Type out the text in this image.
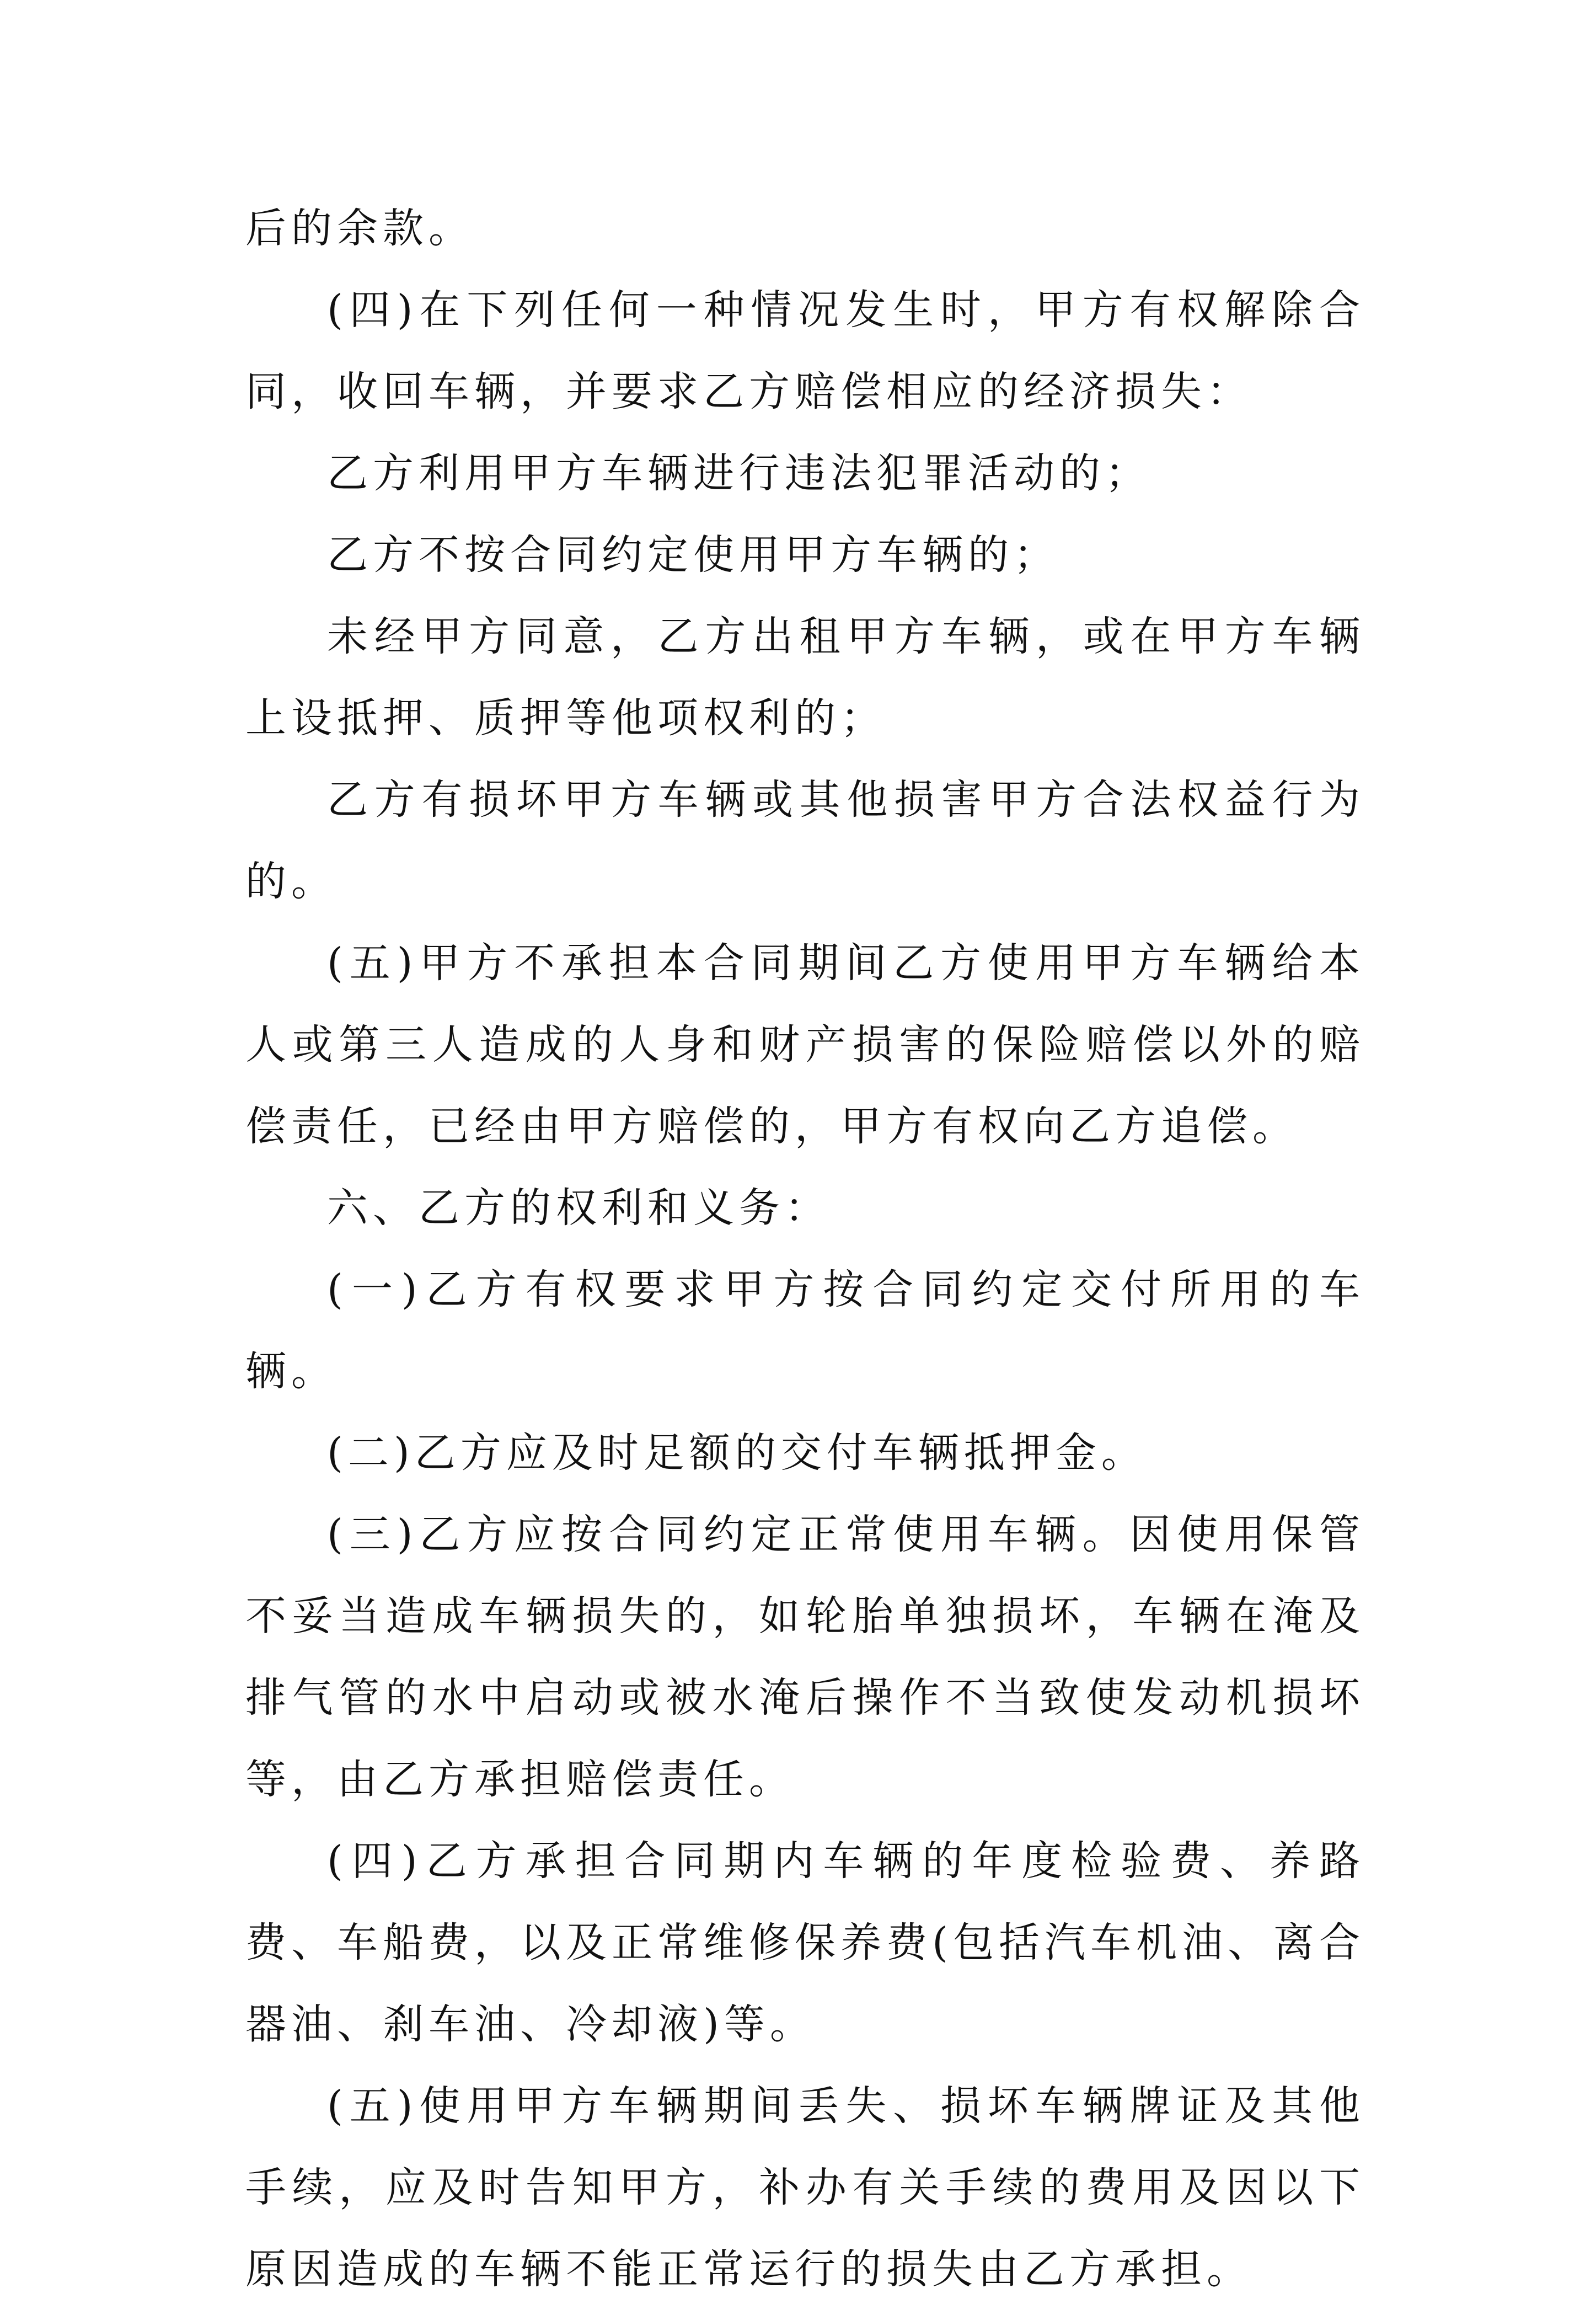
后的余款。

(四)在下列任何一种情况发生时，甲方有权解除合同，收回车辆，并要求乙方赔偿相应的经济损失：

乙方利用甲方车辆进行违法犯罪活动的；

乙方不按合同约定使用甲方车辆的；

未经甲方同意，乙方出租甲方车辆，或在甲方车辆上设抵押、质押等他项权利的；

乙方有损坏甲方车辆或其他损害甲方合法权益行为的。

(五)甲方不承担本合同期间乙方使用甲方车辆给本人或第三人造成的人身和财产损害的保险赔偿以外的赔偿责任，已经由甲方赔偿的，甲方有权向乙方追偿。

六、乙方的权利和义务：

(一)乙方有权要求甲方按合同约定交付所用的车辆。

(二)乙方应及时足额的交付车辆抵押金。

(三)乙方应按合同约定正常使用车辆。因使用保管不妥当造成车辆损失的，如轮胎单独损坏，车辆在淹及排气管的水中启动或被水淹后操作不当致使发动机损坏等，由乙方承担赔偿责任。

(四)乙方承担合同期内车辆的年度检验费、养路费、车船费，以及正常维修保养费(包括汽车机油、离合器油、刹车油、冷却液)等。

(五)使用甲方车辆期间丢失、损坏车辆牌证及其他手续，应及时告知甲方，补办有关手续的费用及因以下原因造成的车辆不能正常运行的损失由乙方承担。
